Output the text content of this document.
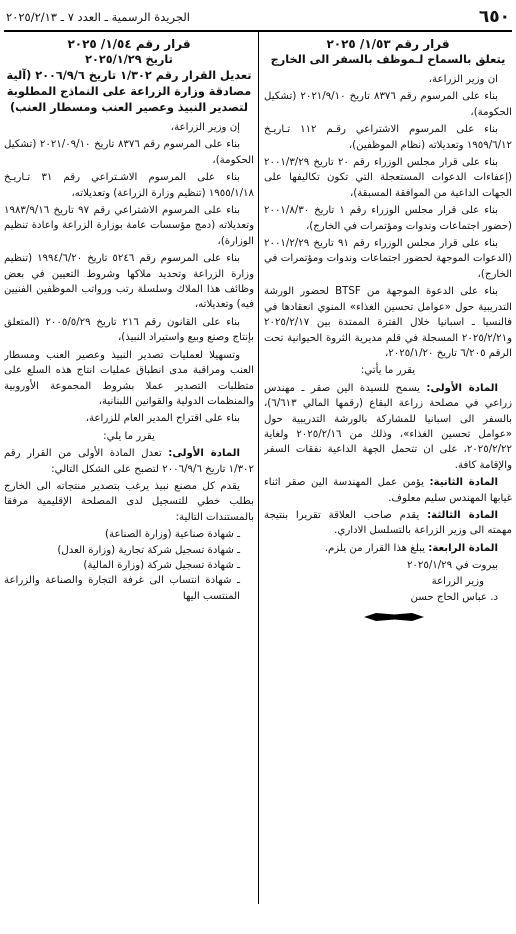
٦٥٠
الجريدة الرسمية ـ العدد ٧ ـ ٢٠٢٥/٢/١٣

قرار رقم ١/٥٣/ ٢٠٢٥

يتعلق بالسماح لـموظف بالسفر الى الخارج

ان وزير الزراعة،

بناء على المرسوم رقم ٨٣٧٦ تاريخ ٢٠٢١/٩/١٠ (تشكيل الحكومة)،

بناء على المرسوم الاشتراعي رقـم ١١٢ تـاريـخ ١٩٥٩/٦/١٢ وتعديلاته (نظام الموظفين)،

بناء على قرار مجلس الوزراء رقم ٢٠ تاريخ ٢٠٠١/٣/٢٩ (إعفاءات الدعوات المستعجلة التي تكون تكاليفها على الجهات الداعية من الموافقة المسبقة)،

بناء على قرار مجلس الوزراء رقم ١ تاريخ ٢٠٠١/٨/٣٠ (حضور اجتماعات وندوات ومؤتمرات في الخارج)،

بناء على قرار مجلس الوزراء رقم ٩١ تاريخ ٢٠٠١/٢/٢٩ (الدعوات الموجهة لحضور اجتماعات وندوات ومؤتمرات في الخارج)،

بناء على الدعوة الموجهة من BTSF لحضور الورشة التدريبية حول «عوامل تحسين الغذاء» المنوي انعقادها في فالنسيا ـ اسبانيا خلال الفترة الممتدة بين ٢٠٢٥/٢/١٧ و٢٠٢٥/٢/٢١ المسجلة في قلم مديرية الثروة الحيوانية تحت الرقم ٦/٢٠٥ تاريخ ٢٠٢٥/١/٢٠،

يقرر ما يأتي:

المادة الأولى: يسمح للسيدة الين صقر ـ مهندس زراعي في مصلحة زراعة البقاع (رقمها المالي ٦/٦١٣)، بالسفر الى اسبانيا للمشاركة بالورشة التدريبية حول «عوامل تحسين الغذاء»، وذلك من ٢٠٢٥/٢/١٦ ولغاية ٢٠٢٥/٢/٢٢، على ان تتحمل الجهة الداعية نفقات السفر والإقامة كافة.

المادة الثانية: يؤمن عمل المهندسة الين صقر اثناء غيابها المهندس سليم معلوف.

المادة الثالثة: يقدم صاحب العلاقة تقريرا بنتيجة مهمته الى وزير الزراعة بالتسلسل الاداري.

المادة الرابعة: يبلغ هذا القرار من يلزم.

بيروت في ٢٠٢٥/١/٢٩
وزير الزراعة
د. عباس الحاج حسن

قرار رقم ١/٥٤/ ٢٠٢٥

تاريخ ٢٠٢٥/١/٢٩

تعديل القرار رقم ١/٣٠٢ تاريخ ٢٠٠٦/٩/٦ (آلية مصادقة وزارة الزراعة على النماذج المطلوبة لتصدير النبيذ وعصير العنب ومسطار العنب)

إن وزير الزراعة،

بناء على المرسوم رقم ٨٣٧٦ تاريخ ٢٠٢١/٠٩/١٠ (تشكيل الحكومة)،

بناء على المرسوم الاشـتراعي رقم ٣١ تـاريـخ ١٩٥٥/١/١٨ (تنظيم وزارة الزراعة) وتعديلاته،

بناء على المرسوم الاشتراعي رقم ٩٧ تاريخ ١٩٨٣/٩/١٦ وتعديلاته (دمج مؤسسات عامة بوزارة الزراعة واعادة تنظيم الوزارة)،

بناء على المرسوم رقم ٥٢٤٦ تاريخ ١٩٩٤/٦/٢٠ (تنظيم وزارة الزراعة وتحديد ملاكها وشروط التعيين في بعض وظائف هذا الملاك وسلسلة رتب ورواتب الموظفين الفنيين فيه) وتعديلاته،

بناء على القانون رقم ٢١٦ تاريخ ٢٠٠٥/٥/٢٩ (المتعلق بإنتاج وصنع وبيع واستيراد النبيذ)،

وتسهيلا لعمليات تصدير النبيذ وعصير العنب ومسطار العنب ومراقبة مدى انطباق عمليات انتاج هذه السلع على متطلبات التصدير عملا بشروط المجموعة الأوروبية والمنظمات الدولية والقوانين اللبنانية،

بناء على اقتراح المدير العام للزراعة،

يقرر ما يلي:

المادة الأولى: تعدل المادة الأولى من القرار رقم ١/٣٠٢ تاريخ ٢٠٠٦/٩/٦ لتصبح على الشكل التالي:

يقدم كل مصنع نبيذ يرغب بتصدير منتجاته الى الخارج بطلب خطي للتسجيل لدى المصلحة الإقليمية مرفقا بالمستندات التالية:

ـ شهادة صناعية (وزارة الصناعة)
ـ شهادة تسجيل شركة تجارية (وزارة العدل)
ـ شهادة تسجيل شركة (وزارة المالية)
ـ شهادة انتساب الى غرفة التجارة والصناعة والزراعة المنتسب اليها
